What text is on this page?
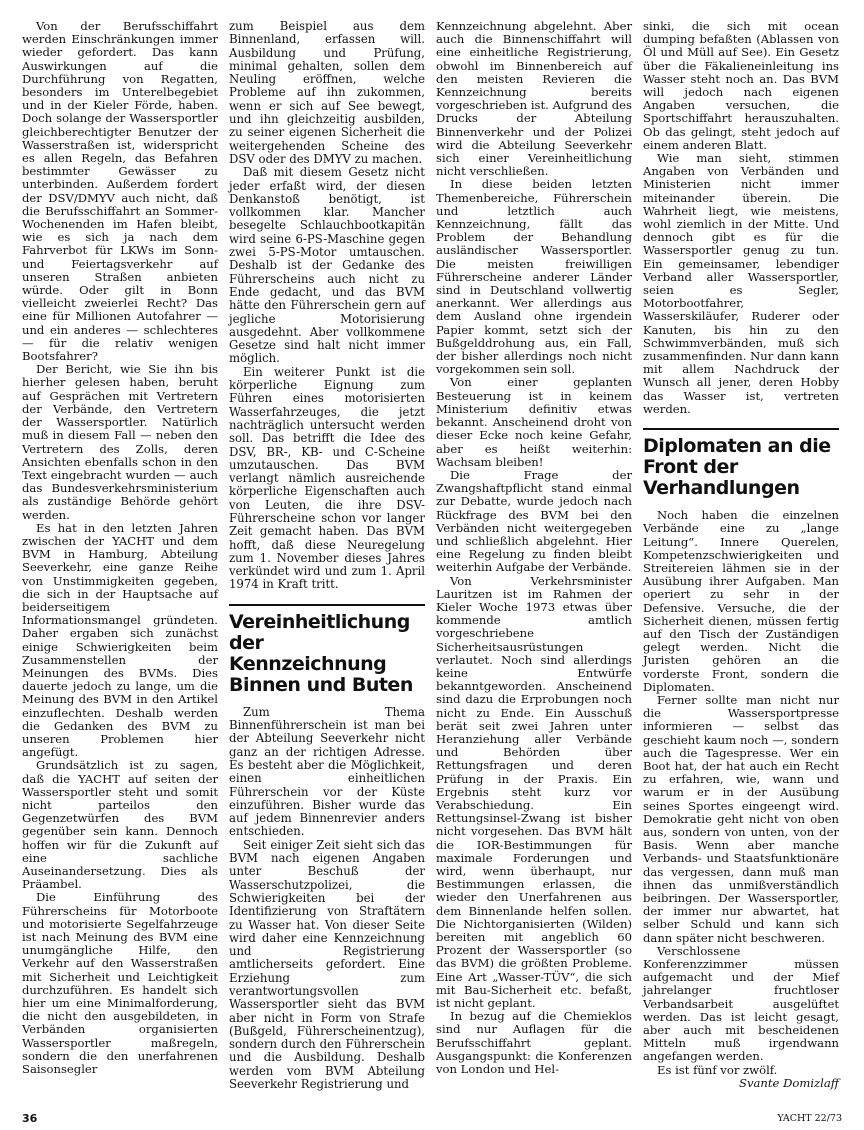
Von der Berufsschiffahrt werden Einschränkungen immer wieder gefordert. Das kann Auswirkungen auf die Durchführung von Regatten, besonders im Unterelbegebiet und in der Kieler Förde, haben. Doch solange der Wassersportler gleichberechtigter Benutzer der Wasserstraßen ist, widerspricht es allen Regeln, das Befahren bestimmter Gewässer zu unterbinden. Außerdem fordert der DSV/DMYV auch nicht, daß die Berufsschiffahrt an Sommer-Wochenenden im Hafen bleibt, wie es sich ja nach dem Fahrverbot für LKWs im Sonn- und Feiertagsverkehr auf unseren Straßen anbieten würde. Oder gilt in Bonn vielleicht zweierlei Recht? Das eine für Millionen Autofahrer — und ein anderes — schlechteres — für die relativ wenigen Bootsfahrer?

Der Bericht, wie Sie ihn bis hierher gelesen haben, beruht auf Gesprächen mit Vertretern der Verbände, den Vertretern der Wassersportler. Natürlich muß in diesem Fall — neben den Vertretern des Zolls, deren Ansichten ebenfalls schon in den Text eingebracht wurden — auch das Bundesverkehrsministerium als zuständige Behörde gehört werden.

Es hat in den letzten Jahren zwischen der YACHT und dem BVM in Hamburg, Abteilung Seeverkehr, eine ganze Reihe von Unstimmigkeiten gegeben, die sich in der Hauptsache auf beiderseitigem Informationsmangel gründeten. Daher ergaben sich zunächst einige Schwierigkeiten beim Zusammenstellen der Meinungen des BVMs. Dies dauerte jedoch zu lange, um die Meinung des BVM in den Artikel einzuflechten. Deshalb werden die Gedanken des BVM zu unseren Problemen hier angefügt.

Grundsätzlich ist zu sagen, daß die YACHT auf seiten der Wassersportler steht und somit nicht parteilos den Gegenzetwürfen des BVM gegenüber sein kann. Dennoch hoffen wir für die Zukunft auf eine sachliche Auseinandersetzung. Dies als Präambel.

Die Einführung des Führerscheins für Motorboote und motorisierte Segelfahrzeuge ist nach Meinung des BVM eine unumgängliche Hilfe, den Verkehr auf den Wasserstraßen mit Sicherheit und Leichtigkeit durchzuführen. Es handelt sich hier um eine Minimalforderung, die nicht den ausgebildeten, in Verbänden organisierten Wassersportler maßregeln, sondern die den unerfahrenen Saisonsegler

zum Beispiel aus dem Binnenland, erfassen will. Ausbildung und Prüfung, minimal gehalten, sollen dem Neuling eröffnen, welche Probleme auf ihn zukommen, wenn er sich auf See bewegt, und ihn gleichzeitig ausbilden, zu seiner eigenen Sicherheit die weitergehenden Scheine des DSV oder des DMYV zu machen.

Daß mit diesem Gesetz nicht jeder erfaßt wird, der diesen Denkanstoß benötigt, ist vollkommen klar. Mancher besegelte Schlauchbootkapitän wird seine 6-PS-Maschine gegen zwei 5-PS-Motor umtauschen. Deshalb ist der Gedanke des Führerscheins auch nicht zu Ende gedacht, und das BVM hätte den Führerschein gern auf jegliche Motorisierung ausgedehnt. Aber vollkommene Gesetze sind halt nicht immer möglich.

Ein weiterer Punkt ist die körperliche Eignung zum Führen eines motorisierten Wasserfahrzeuges, die jetzt nachträglich untersucht werden soll. Das betrifft die Idee des DSV, BR-, KB- und C-Scheine umzutauschen. Das BVM verlangt nämlich ausreichende körperliche Eigenschaften auch von Leuten, die ihre DSV-Führerscheine schon vor langer Zeit gemacht haben. Das BVM hofft, daß diese Neuregelung zum 1. November dieses Jahres verkündet wird und zum 1. April 1974 in Kraft tritt.

Vereinheitlichung der Kennzeichnung Binnen und Buten

Zum Thema Binnenführerschein ist man bei der Abteilung Seeverkehr nicht ganz an der richtigen Adresse. Es besteht aber die Möglichkeit, einen einheitlichen Führerschein vor der Küste einzuführen. Bisher wurde das auf jedem Binnenrevier anders entschieden.

Seit einiger Zeit sieht sich das BVM nach eigenen Angaben unter Beschuß der Wasserschutzpolizei, die Schwierigkeiten bei der Identifizierung von Straftätern zu Wasser hat. Von dieser Seite wird daher eine Kennzeichnung und Registrierung amtlicherseits gefordert. Eine Erziehung zum verantwortungsvollen Wassersportler sieht das BVM aber nicht in Form von Strafe (Bußgeld, Führerscheinentzug), sondern durch den Führerschein und die Ausbildung. Deshalb werden vom BVM Abteilung Seeverkehr Registrierung und

Kennzeichnung abgelehnt. Aber auch die Binnenschiffahrt will eine einheitliche Registrierung, obwohl im Binnenbereich auf den meisten Revieren die Kennzeichnung bereits vorgeschrieben ist. Aufgrund des Drucks der Abteilung Binnenverkehr und der Polizei wird die Abteilung Seeverkehr sich einer Vereinheitlichung nicht verschließen.

In diese beiden letzten Themenbereiche, Führerschein und letztlich auch Kennzeichnung, fällt das Problem der Behandlung ausländischer Wassersportler. Die meisten freiwilligen Führerscheine anderer Länder sind in Deutschland vollwertig anerkannt. Wer allerdings aus dem Ausland ohne irgendein Papier kommt, setzt sich der Bußgelddrohung aus, ein Fall, der bisher allerdings noch nicht vorgekommen sein soll.

Von einer geplanten Besteuerung ist in keinem Ministerium definitiv etwas bekannt. Anscheinend droht von dieser Ecke noch keine Gefahr, aber es heißt weiterhin: Wachsam bleiben!

Die Frage der Zwangshaftpflicht stand einmal zur Debatte, wurde jedoch nach Rückfrage des BVM bei den Verbänden nicht weitergegeben und schließlich abgelehnt. Hier eine Regelung zu finden bleibt weiterhin Aufgabe der Verbände.

Von Verkehrsminister Lauritzen ist im Rahmen der Kieler Woche 1973 etwas über kommende amtlich vorgeschriebene Sicherheitsausrüstungen verlautet. Noch sind allerdings keine Entwürfe bekanntgeworden. Anscheinend sind dazu die Erprobungen noch nicht zu Ende. Ein Ausschuß berät seit zwei Jahren unter Heranziehung aller Verbände und Behörden über Rettungsfragen und deren Prüfung in der Praxis. Ein Ergebnis steht kurz vor Verabschiedung. Ein Rettungsinsel-Zwang ist bisher nicht vorgesehen. Das BVM hält die IOR-Bestimmungen für maximale Forderungen und wird, wenn überhaupt, nur Bestimmungen erlassen, die wieder den Unerfahrenen aus dem Binnenlande helfen sollen. Die Nichtorganisierten (Wilden) bereiten mit angeblich 60 Prozent der Wassersportler (so das BVM) die größten Probleme. Eine Art „Wasser-TÜV“, die sich mit Bau-Sicherheit etc. befaßt, ist nicht geplant.

In bezug auf die Chemieklos sind nur Auflagen für die Berufsschiffahrt geplant. Ausgangspunkt: die Konferenzen von London und Hel-

sinki, die sich mit ocean dumping befaßten (Ablassen von Öl und Müll auf See). Ein Gesetz über die Fäkalieneinleitung ins Wasser steht noch an. Das BVM will jedoch nach eigenen Angaben versuchen, die Sportschiffahrt herauszuhalten. Ob das gelingt, steht jedoch auf einem anderen Blatt.

Wie man sieht, stimmen Angaben von Verbänden und Ministerien nicht immer miteinander überein. Die Wahrheit liegt, wie meistens, wohl ziemlich in der Mitte. Und dennoch gibt es für die Wassersportler genug zu tun. Ein gemeinsamer, lebendiger Verband aller Wassersportler, seien es Segler, Motorbootfahrer, Wasserskiläufer, Ruderer oder Kanuten, bis hin zu den Schwimmverbänden, muß sich zusammenfinden. Nur dann kann mit allem Nachdruck der Wunsch all jener, deren Hobby das Wasser ist, vertreten werden.

Diplomaten an die Front der Verhandlungen

Noch haben die einzelnen Verbände eine zu „lange Leitung“. Innere Querelen, Kompetenzschwierigkeiten und Streitereien lähmen sie in der Ausübung ihrer Aufgaben. Man operiert zu sehr in der Defensive. Versuche, die der Sicherheit dienen, müssen fertig auf den Tisch der Zuständigen gelegt werden. Nicht die Juristen gehören an die vorderste Front, sondern die Diplomaten.

Ferner sollte man nicht nur die Wassersportpresse informieren — selbst das geschieht kaum noch —, sondern auch die Tagespresse. Wer ein Boot hat, der hat auch ein Recht zu erfahren, wie, wann und warum er in der Ausübung seines Sportes eingeengt wird. Demokratie geht nicht von oben aus, sondern von unten, von der Basis. Wenn aber manche Verbands- und Staatsfunktionäre das vergessen, dann muß man ihnen das unmißverständlich beibringen. Der Wassersportler, der immer nur abwartet, hat selber Schuld und kann sich dann später nicht beschweren.

Verschlossene Konferenzzimmer müssen aufgemacht und der Mief jahrelanger fruchtloser Verbandsarbeit ausgelüftet werden. Das ist leicht gesagt, aber auch mit bescheidenen Mitteln muß irgendwann angefangen werden.

Es ist fünf vor zwölf.

Svante Domizlaff

36	YACHT 22/73
